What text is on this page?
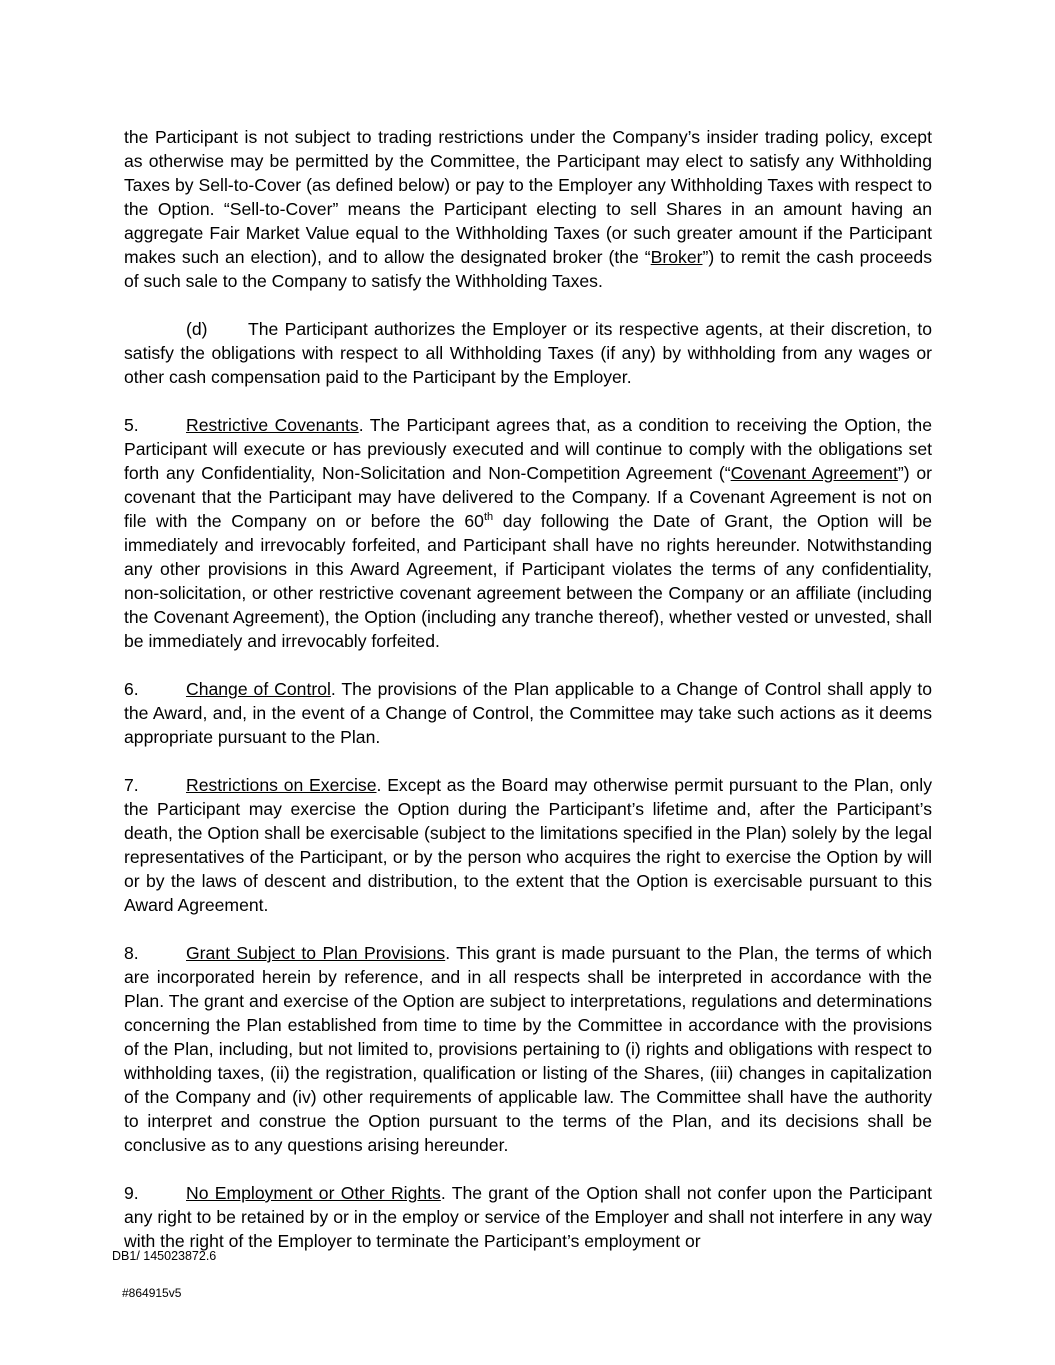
the Participant is not subject to trading restrictions under the Company’s insider trading policy, except as otherwise may be permitted by the Committee, the Participant may elect to satisfy any Withholding Taxes by Sell-to-Cover (as defined below) or pay to the Employer any Withholding Taxes with respect to the Option. “Sell-to-Cover” means the Participant electing to sell Shares in an amount having an aggregate Fair Market Value equal to the Withholding Taxes (or such greater amount if the Participant makes such an election), and to allow the designated broker (the “Broker”) to remit the cash proceeds of such sale to the Company to satisfy the Withholding Taxes.

(d) The Participant authorizes the Employer or its respective agents, at their discretion, to satisfy the obligations with respect to all Withholding Taxes (if any) by withholding from any wages or other cash compensation paid to the Participant by the Employer.

5.	Restrictive Covenants. The Participant agrees that, as a condition to receiving the Option, the Participant will execute or has previously executed and will continue to comply with the obligations set forth any Confidentiality, Non-Solicitation and Non-Competition Agreement (“Covenant Agreement”) or covenant that the Participant may have delivered to the Company. If a Covenant Agreement is not on file with the Company on or before the 60th day following the Date of Grant, the Option will be immediately and irrevocably forfeited, and Participant shall have no rights hereunder. Notwithstanding any other provisions in this Award Agreement, if Participant violates the terms of any confidentiality, non-solicitation, or other restrictive covenant agreement between the Company or an affiliate (including the Covenant Agreement), the Option (including any tranche thereof), whether vested or unvested, shall be immediately and irrevocably forfeited.

6.	Change of Control. The provisions of the Plan applicable to a Change of Control shall apply to the Award, and, in the event of a Change of Control, the Committee may take such actions as it deems appropriate pursuant to the Plan.

7.	Restrictions on Exercise. Except as the Board may otherwise permit pursuant to the Plan, only the Participant may exercise the Option during the Participant’s lifetime and, after the Participant’s death, the Option shall be exercisable (subject to the limitations specified in the Plan) solely by the legal representatives of the Participant, or by the person who acquires the right to exercise the Option by will or by the laws of descent and distribution, to the extent that the Option is exercisable pursuant to this Award Agreement.

8.	Grant Subject to Plan Provisions. This grant is made pursuant to the Plan, the terms of which are incorporated herein by reference, and in all respects shall be interpreted in accordance with the Plan. The grant and exercise of the Option are subject to interpretations, regulations and determinations concerning the Plan established from time to time by the Committee in accordance with the provisions of the Plan, including, but not limited to, provisions pertaining to (i) rights and obligations with respect to withholding taxes, (ii) the registration, qualification or listing of the Shares, (iii) changes in capitalization of the Company and (iv) other requirements of applicable law. The Committee shall have the authority to interpret and construe the Option pursuant to the terms of the Plan, and its decisions shall be conclusive as to any questions arising hereunder.

9.	No Employment or Other Rights. The grant of the Option shall not confer upon the Participant any right to be retained by or in the employ or service of the Employer and shall not interfere in any way with the right of the Employer to terminate the Participant’s employment or

DB1/ 145023872.6
#864915v5
